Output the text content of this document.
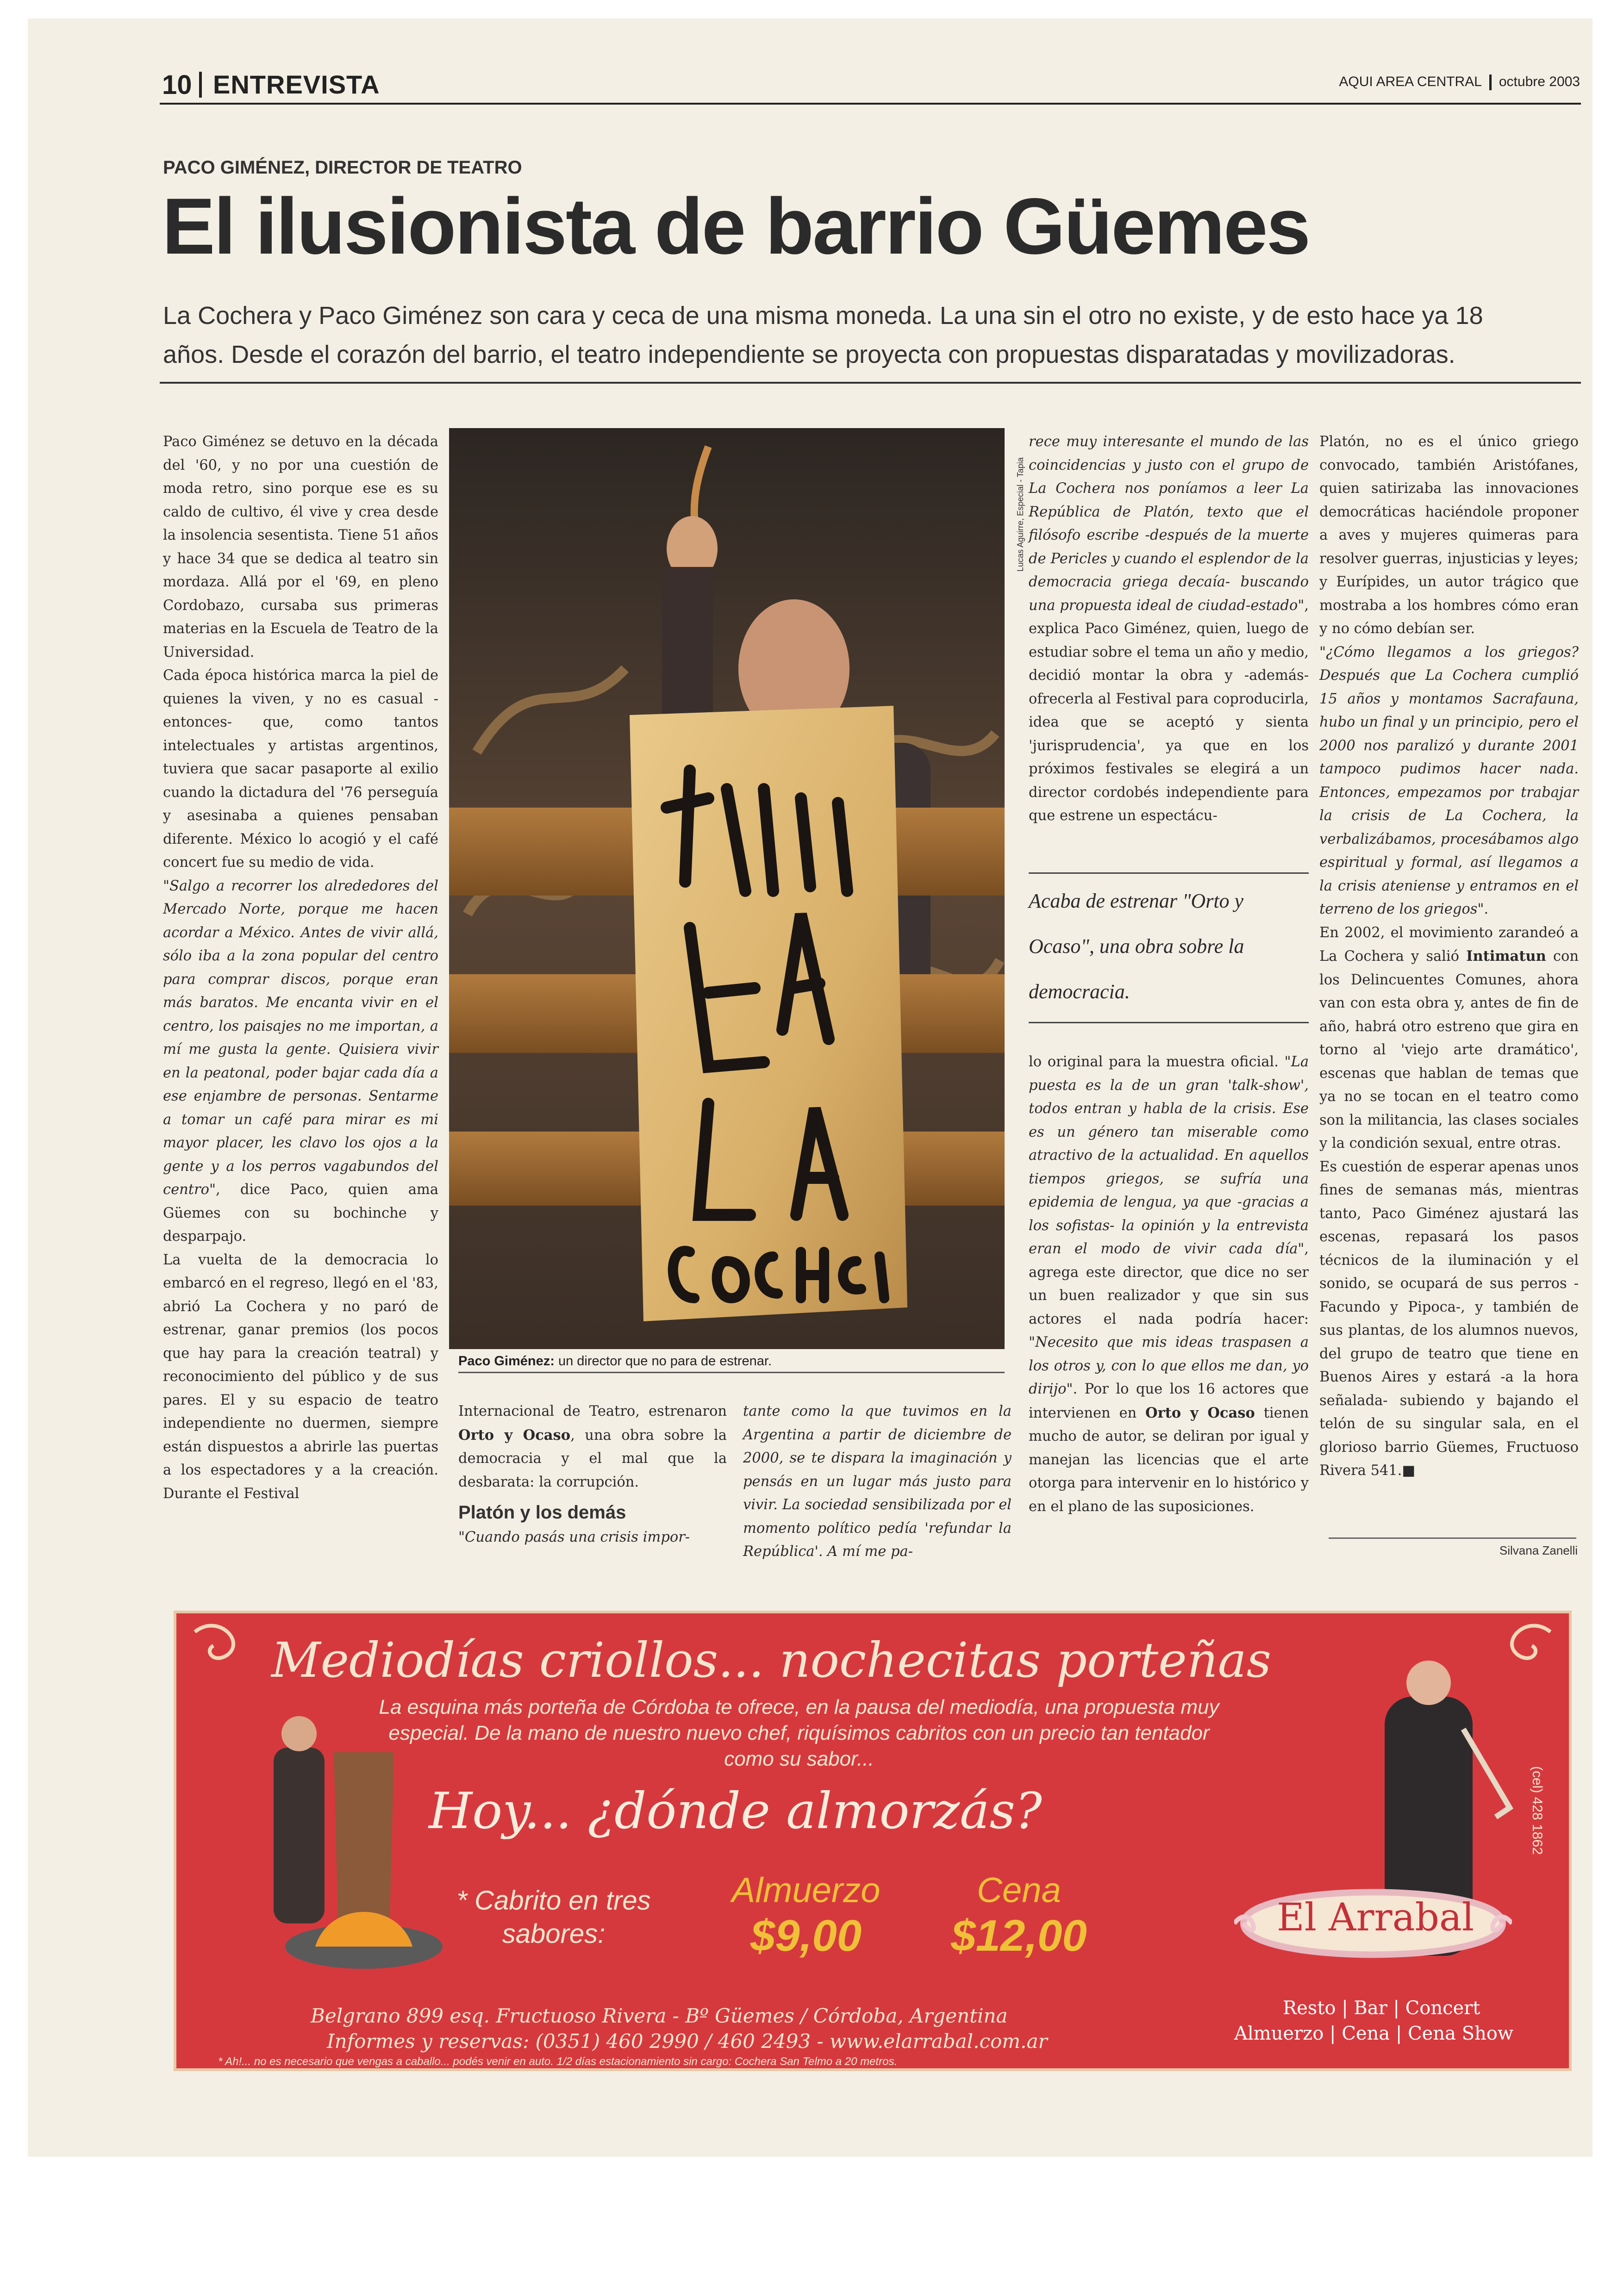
10 ENTREVISTA	AQUI AREA CENTRAL octubre 2003
PACO GIMÉNEZ, DIRECTOR DE TEATRO
El ilusionista de barrio Güemes
La Cochera y Paco Giménez son cara y ceca de una misma moneda. La una sin el otro no existe, y de esto hace ya 18 años. Desde el corazón del barrio, el teatro independiente se proyecta con propuestas disparatadas y movilizadoras.

Paco Giménez se detuvo en la década del '60, y no por una cuestión de moda retro, sino porque ese es su caldo de cultivo, él vive y crea desde la insolencia sesentista. Tiene 51 años y hace 34 que se dedica al teatro sin mordaza. Allá por el '69, en pleno Cordobazo, cursaba sus primeras materias en la Escuela de Teatro de la Universidad.

Cada época histórica marca la piel de quienes la viven, y no es casual -entonces- que, como tantos intelectuales y artistas argentinos, tuviera que sacar pasaporte al exilio cuando la dictadura del '76 perseguía y asesinaba a quienes pensaban diferente. México lo acogió y el café concert fue su medio de vida.

"Salgo a recorrer los alrededores del Mercado Norte, porque me hacen acordar a México. Antes de vivir allá, sólo iba a la zona popular del centro para comprar discos, porque eran más baratos. Me encanta vivir en el centro, los paisajes no me importan, a mí me gusta la gente. Quisiera vivir en la peatonal, poder bajar cada día a ese enjambre de personas. Sentarme a tomar un café para mirar es mi mayor placer, les clavo los ojos a la gente y a los perros vagabundos del centro", dice Paco, quien ama Güemes con su bochinche y desparpajo.

La vuelta de la democracia lo embarcó en el regreso, llegó en el '83, abrió La Cochera y no paró de estrenar, ganar premios (los pocos que hay para la creación teatral) y reconocimiento del público y de sus pares. El y su espacio de teatro independiente no duermen, siempre están dispuestos a abrirle las puertas a los espectadores y a la creación. Durante el Festival

Lucas Aguirre, Especial - Tapia
Paco Giménez: un director que no para de estrenar.

Internacional de Teatro, estrenaron Orto y Ocaso, una obra sobre la democracia y el mal que la desbarata: la corrupción.

Platón y los demás

"Cuando pasás una crisis impor-

tante como la que tuvimos en la Argentina a partir de diciembre de 2000, se te dispara la imaginación y pensás en un lugar más justo para vivir. La sociedad sensibilizada por el momento político pedía 'refundar la República'. A mí me pa-

rece muy interesante el mundo de las coincidencias y justo con el grupo de La Cochera nos poníamos a leer La República de Platón, texto que el filósofo escribe -después de la muerte de Pericles y cuando el esplendor de la democracia griega decaía- buscando una propuesta ideal de ciudad-estado", explica Paco Giménez, quien, luego de estudiar sobre el tema un año y medio, decidió montar la obra y -además- ofrecerla al Festival para coproducirla, idea que se aceptó y sienta 'jurisprudencia', ya que en los próximos festivales se elegirá a un director cordobés independiente para que estrene un espectácu-

Acaba de estrenar "Orto y Ocaso", una obra sobre la democracia.

lo original para la muestra oficial. "La puesta es la de un gran 'talk-show', todos entran y habla de la crisis. Ese es un género tan miserable como atractivo de la actualidad. En aquellos tiempos griegos, se sufría una epidemia de lengua, ya que -gracias a los sofistas- la opinión y la entrevista eran el modo de vivir cada día", agrega este director, que dice no ser un buen realizador y que sin sus actores el nada podría hacer: "Necesito que mis ideas traspasen a los otros y, con lo que ellos me dan, yo dirijo". Por lo que los 16 actores que intervienen en Orto y Ocaso tienen mucho de autor, se deliran por igual y manejan las licencias que el arte otorga para intervenir en lo histórico y en el plano de las suposiciones.

Platón, no es el único griego convocado, también Aristófanes, quien satirizaba las innovaciones democráticas haciéndole proponer a aves y mujeres quimeras para resolver guerras, injusticias y leyes; y Eurípides, un autor trágico que mostraba a los hombres cómo eran y no cómo debían ser.

"¿Cómo llegamos a los griegos? Después que La Cochera cumplió 15 años y montamos Sacrafauna, hubo un final y un principio, pero el 2000 nos paralizó y durante 2001 tampoco pudimos hacer nada. Entonces, empezamos por trabajar la crisis de La Cochera, la verbalizábamos, procesábamos algo espiritual y formal, así llegamos a la crisis ateniense y entramos en el terreno de los griegos".

En 2002, el movimiento zarandeó a La Cochera y salió Intimatun con los Delincuentes Comunes, ahora van con esta obra y, antes de fin de año, habrá otro estreno que gira en torno al 'viejo arte dramático', escenas que hablan de temas que ya no se tocan en el teatro como son la militancia, las clases sociales y la condición sexual, entre otras.

Es cuestión de esperar apenas unos fines de semanas más, mientras tanto, Paco Giménez ajustará las escenas, repasará los pasos técnicos de la iluminación y el sonido, se ocupará de sus perros -Facundo y Pipoca-, y también de sus plantas, de los alumnos nuevos, del grupo de teatro que tiene en Buenos Aires y estará -a la hora señalada- subiendo y bajando el telón de su singular sala, en el glorioso barrio Güemes, Fructuoso Rivera 541.■

Silvana Zanelli
Mediodías criollos... nochecitas porteñas
La esquina más porteña de Córdoba te ofrece, en la pausa del mediodía, una propuesta muy especial. De la mano de nuestro nuevo chef, riquísimos cabritos con un precio tan tentador como su sabor...
Hoy... ¿dónde almorzás?
* Cabrito en tres sabores:
Almuerzo
$9,00
Cena
$12,00
Belgrano 899 esq. Fructuoso Rivera - Bº Güemes / Córdoba, Argentina
Informes y reservas: (0351) 460 2990 / 460 2493 - www.elarrabal.com.ar
* Ah!... no es necesario que vengas a caballo... podés venir en auto. 1/2 días estacionamiento sin cargo: Cochera San Telmo a 20 metros.
El Arrabal
Resto | Bar | Concert
Almuerzo | Cena | Cena Show
(cel) 428 1862
